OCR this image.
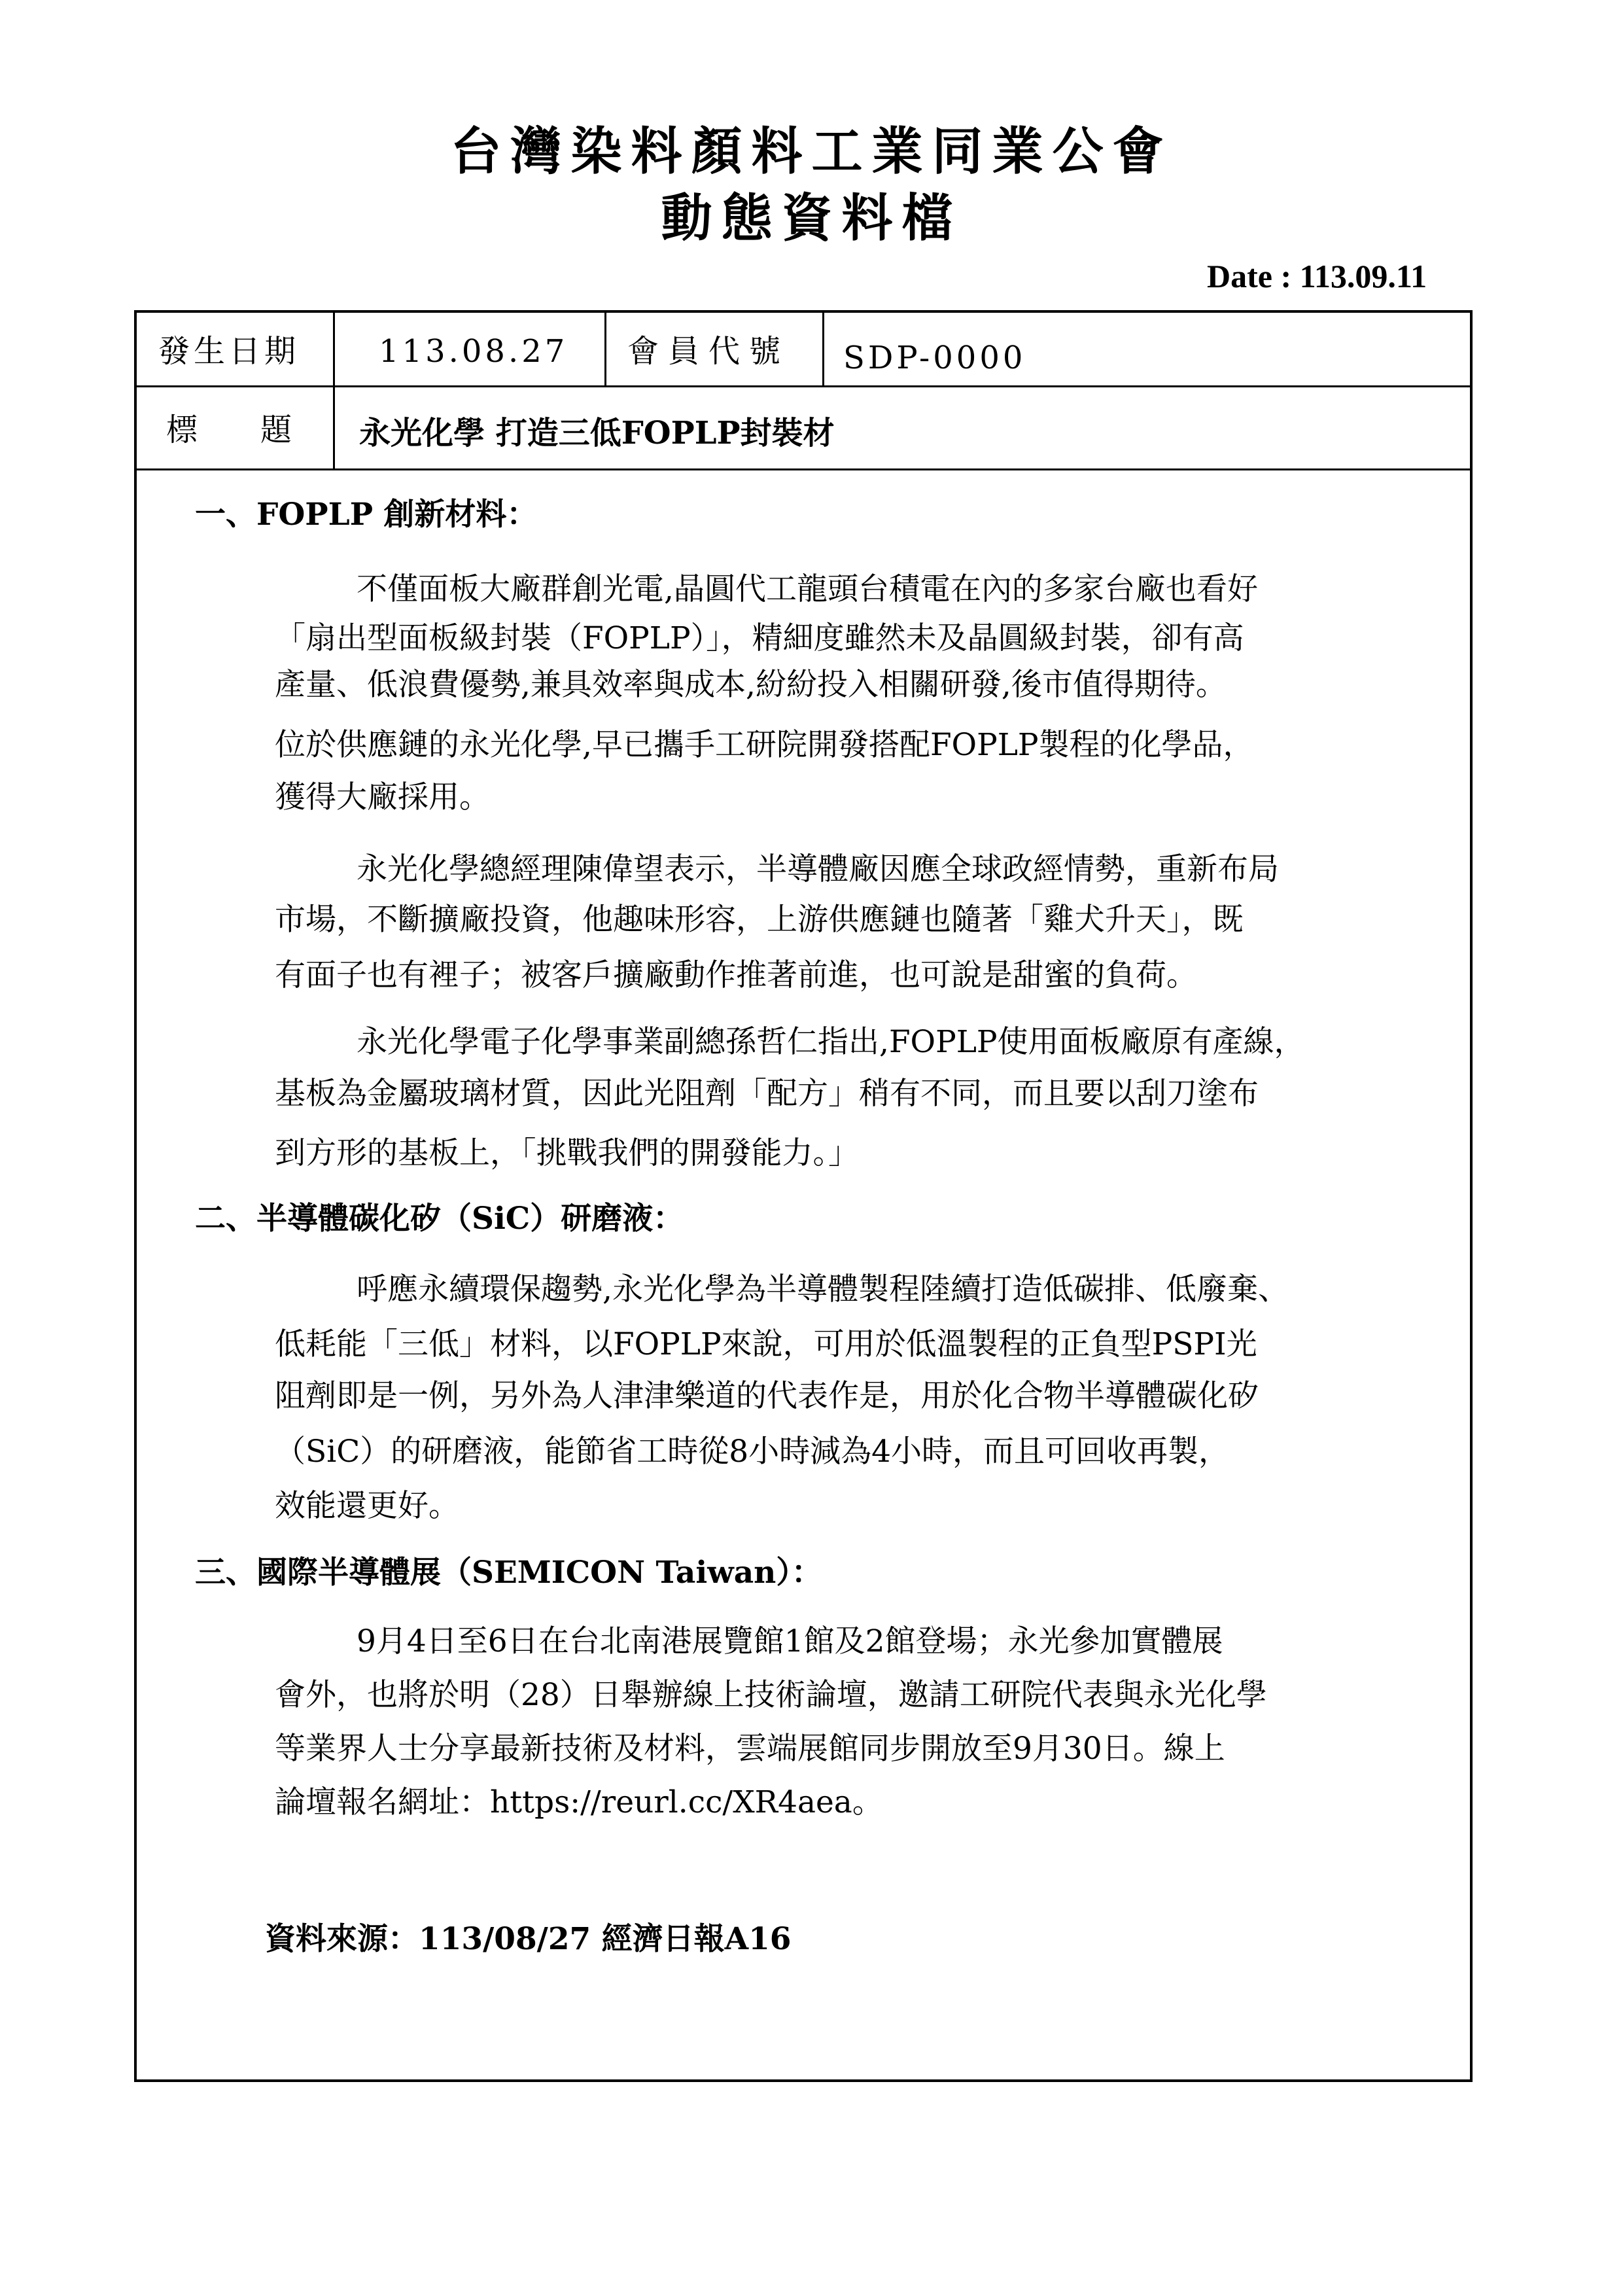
台灣染料顏料工業同業公會
動態資料檔
Date : 113.09.11
發生日期	113.08.27 會員代號 SDP-0000
標　　題 永光化學 打造三低FOPLP封裝材
一、FOPLP 創新材料：
不僅面板大廠群創光電,晶圓代工龍頭台積電在內的多家台廠也看好
「扇出型面板級封裝（FOPLP）」，精細度雖然未及晶圓級封裝，卻有高
產量、低浪費優勢,兼具效率與成本,紛紛投入相關研發,後市值得期待。
位於供應鏈的永光化學,早已攜手工研院開發搭配FOPLP製程的化學品，
獲得大廠採用。
永光化學總經理陳偉望表示，半導體廠因應全球政經情勢，重新布局
市場，不斷擴廠投資，他趣味形容，上游供應鏈也隨著「雞犬升天」，既
有面子也有裡子；被客戶擴廠動作推著前進，也可說是甜蜜的負荷。
永光化學電子化學事業副總孫哲仁指出,FOPLP使用面板廠原有產線，
基板為金屬玻璃材質，因此光阻劑「配方」稍有不同，而且要以刮刀塗布
到方形的基板上，「挑戰我們的開發能力。」
二、半導體碳化矽（SiC）研磨液：
呼應永續環保趨勢,永光化學為半導體製程陸續打造低碳排、低廢棄、
低耗能「三低」材料，以FOPLP來說，可用於低溫製程的正負型PSPI光
阻劑即是一例，另外為人津津樂道的代表作是，用於化合物半導體碳化矽
（SiC）的研磨液，能節省工時從8小時減為4小時，而且可回收再製，
效能還更好。
三、國際半導體展（SEMICON Taiwan）：
9月4日至6日在台北南港展覽館1館及2館登場；永光參加實體展
會外，也將於明（28）日舉辦線上技術論壇，邀請工研院代表與永光化學
等業界人士分享最新技術及材料，雲端展館同步開放至9月30日。線上
論壇報名網址：https://reurl.cc/XR4aea。
資料來源：113/08/27 經濟日報A16
